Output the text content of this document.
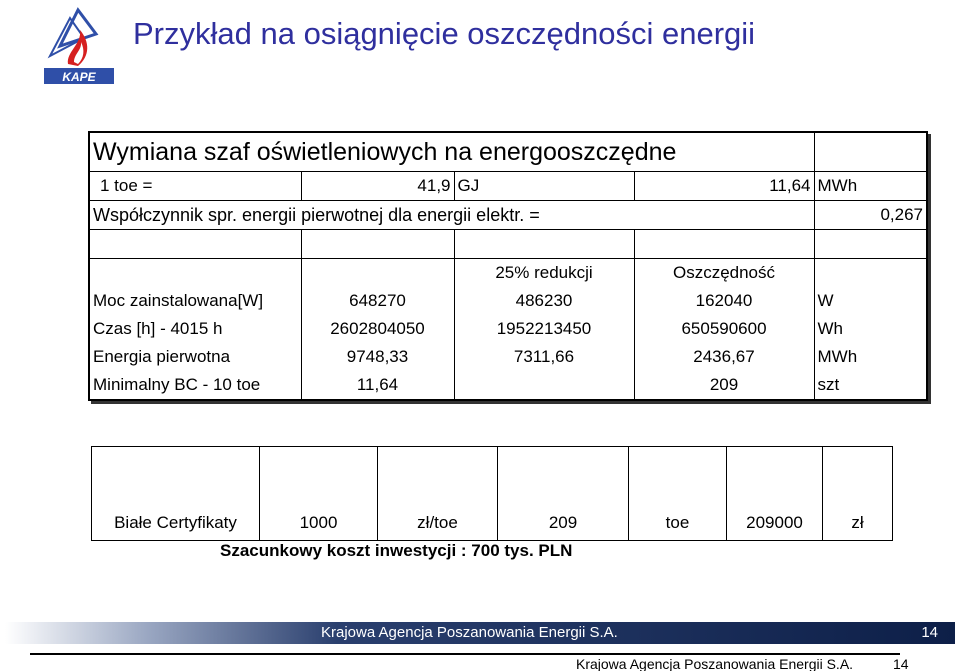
KAPE
Przykład na osiągnięcie oszczędności energii
Wymiana szaf oświetleniowych na energooszczędne				
1 toe =	41,9	GJ	11,64	MWh
Współczynnik spr. energii pierwotnej dla energii elektr. =				0,267

		25% redukcji	Oszczędność	
Moc zainstalowana[W]	648270	486230	162040	W
Czas [h] - 4015 h	2602804050	1952213450	650590600	Wh
Energia pierwotna	9748,33	7311,66	2436,67	MWh
Minimalny BC - 10 toe	11,64		209	szt
Białe Certyfikaty	1000	zł/toe	209	toe	209000	zł
Szacunkowy koszt inwestycji : 700 tys. PLN
Krajowa Agencja Poszanowania Energii S.A.	14
Krajowa Agencja Poszanowania Energii S.A.	14
